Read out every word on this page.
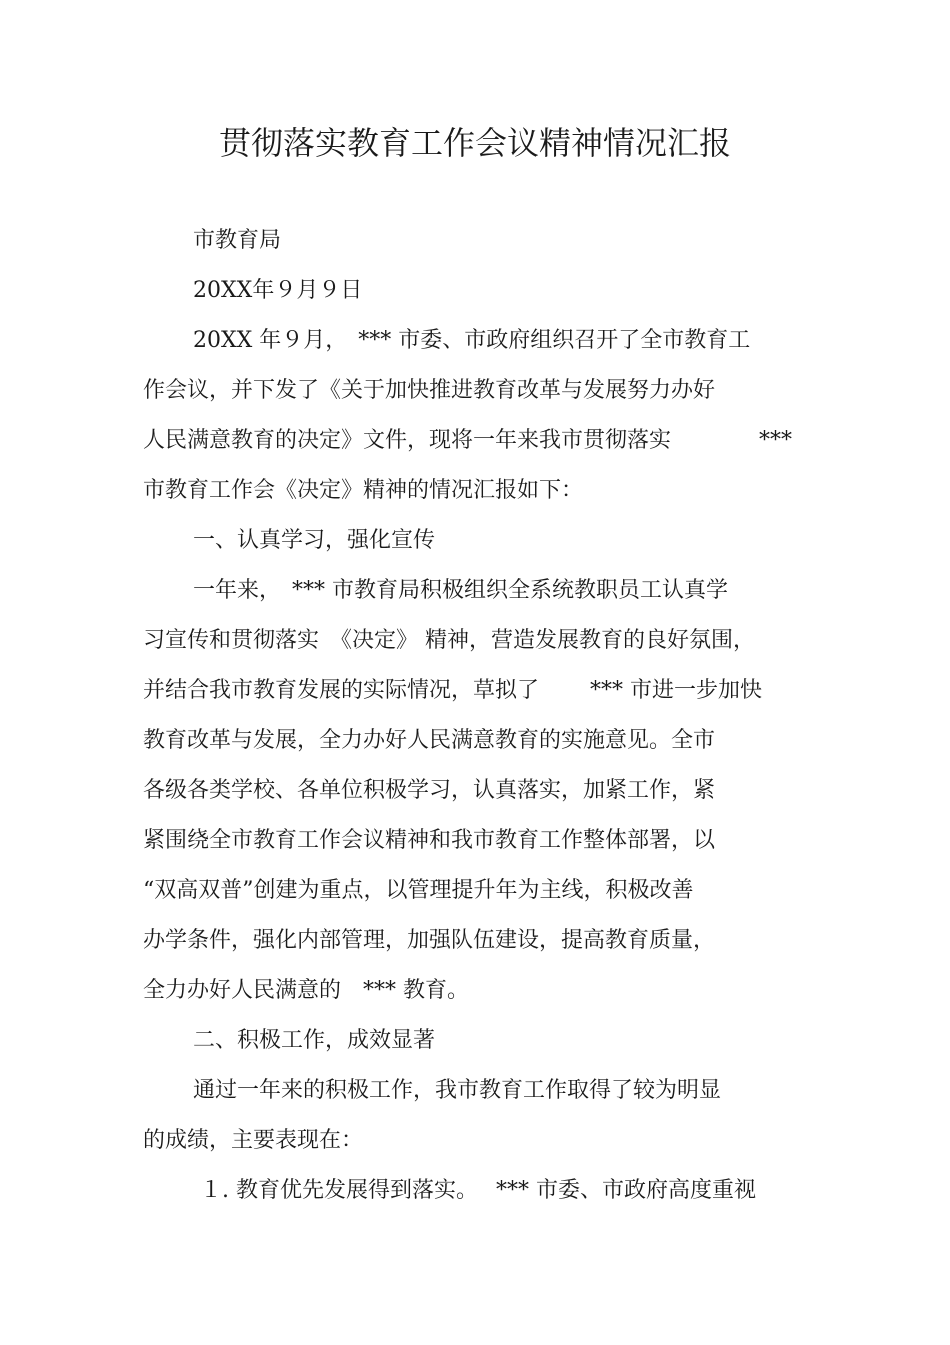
贯彻落实教育工作会议精神情况汇报
市教育局
20XX年９月９日
20XX 年９月，　*** 市委、市政府组织召开了全市教育工
作会议，并下发了《关于加快推进教育改革与发展努力办好
人民满意教育的决定》文件，现将一年来我市贯彻落实　　　　***
市教育工作会《决定》精神的情况汇报如下：
一、认真学习，强化宣传
一年来，　*** 市教育局积极组织全系统教职员工认真学
习宣传和贯彻落实　《决定》 精神，营造发展教育的良好氛围，
并结合我市教育发展的实际情况，草拟了　　 *** 市进一步加快
教育改革与发展，全力办好人民满意教育的实施意见。全市
各级各类学校、各单位积极学习，认真落实，加紧工作，紧
紧围绕全市教育工作会议精神和我市教育工作整体部署，以
“双高双普”创建为重点，以管理提升年为主线，积极改善
办学条件，强化内部管理，加强队伍建设，提高教育质量，
全力办好人民满意的　*** 教育。
二、积极工作，成效显著
通过一年来的积极工作，我市教育工作取得了较为明显
的成绩，主要表现在：
１. 教育优先发展得到落实。　 *** 市委、市政府高度重视
